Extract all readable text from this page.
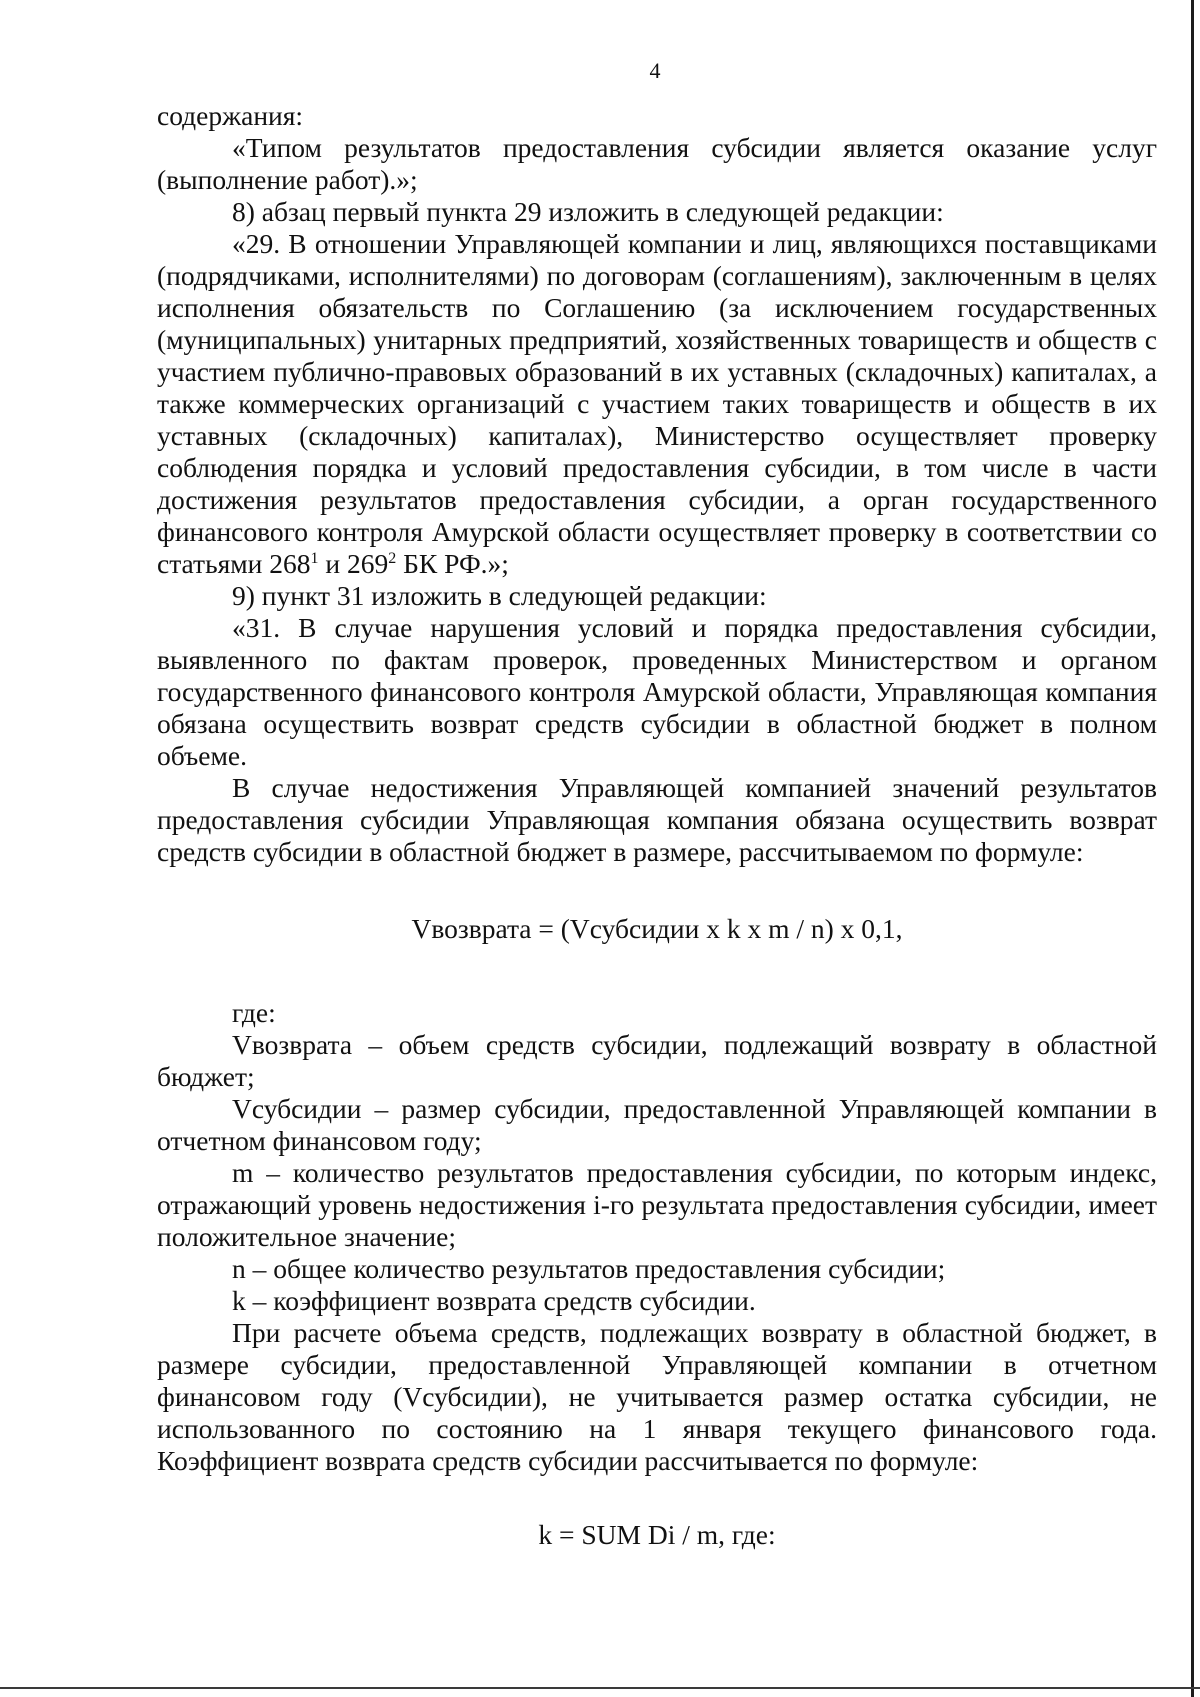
4

содержания:

«Типом результатов предоставления субсидии является оказание услуг (выполнение работ).»;

8) абзац первый пункта 29 изложить в следующей редакции:

«29. В отношении Управляющей компании и лиц, являющихся поставщиками (подрядчиками, исполнителями) по договорам (соглашениям), заключенным в целях исполнения обязательств по Соглашению (за исключением государственных (муниципальных) унитарных предприятий, хозяйственных товариществ и обществ с участием публично-правовых образований в их уставных (складочных) капиталах, а также коммерческих организаций с участием таких товариществ и обществ в их уставных (складочных) капиталах), Министерство осуществляет проверку соблюдения порядка и условий предоставления субсидии, в том числе в части достижения результатов предоставления субсидии, а орган государственного финансового контроля Амурской области осуществляет проверку в соответствии со статьями $268^1$ и $269^2$ БК РФ.»;

9) пункт 31 изложить в следующей редакции:

«31. В случае нарушения условий и порядка предоставления субсидии, выявленного по фактам проверок, проведенных Министерством и органом государственного финансового контроля Амурской области, Управляющая компания обязана осуществить возврат средств субсидии в областной бюджет в полном объеме.

В случае недостижения Управляющей компанией значений результатов предоставления субсидии Управляющая компания обязана осуществить возврат средств субсидии в областной бюджет в размере, рассчитываемом по формуле:

Vвозврата = (Vсубсидии x k x m / n) x 0,1,

где:

Vвозврата – объем средств субсидии, подлежащий возврату в областной бюджет;

Vсубсидии – размер субсидии, предоставленной Управляющей компании в отчетном финансовом году;

m – количество результатов предоставления субсидии, по которым индекс, отражающий уровень недостижения i-го результата предоставления субсидии, имеет положительное значение;

n – общее количество результатов предоставления субсидии;

k – коэффициент возврата средств субсидии.

При расчете объема средств, подлежащих возврату в областной бюджет, в размере субсидии, предоставленной Управляющей компании в отчетном финансовом году (Vсубсидии), не учитывается размер остатка субсидии, не использованного по состоянию на 1 января текущего финансового года. Коэффициент возврата средств субсидии рассчитывается по формуле:

k = SUM Di / m, где:
